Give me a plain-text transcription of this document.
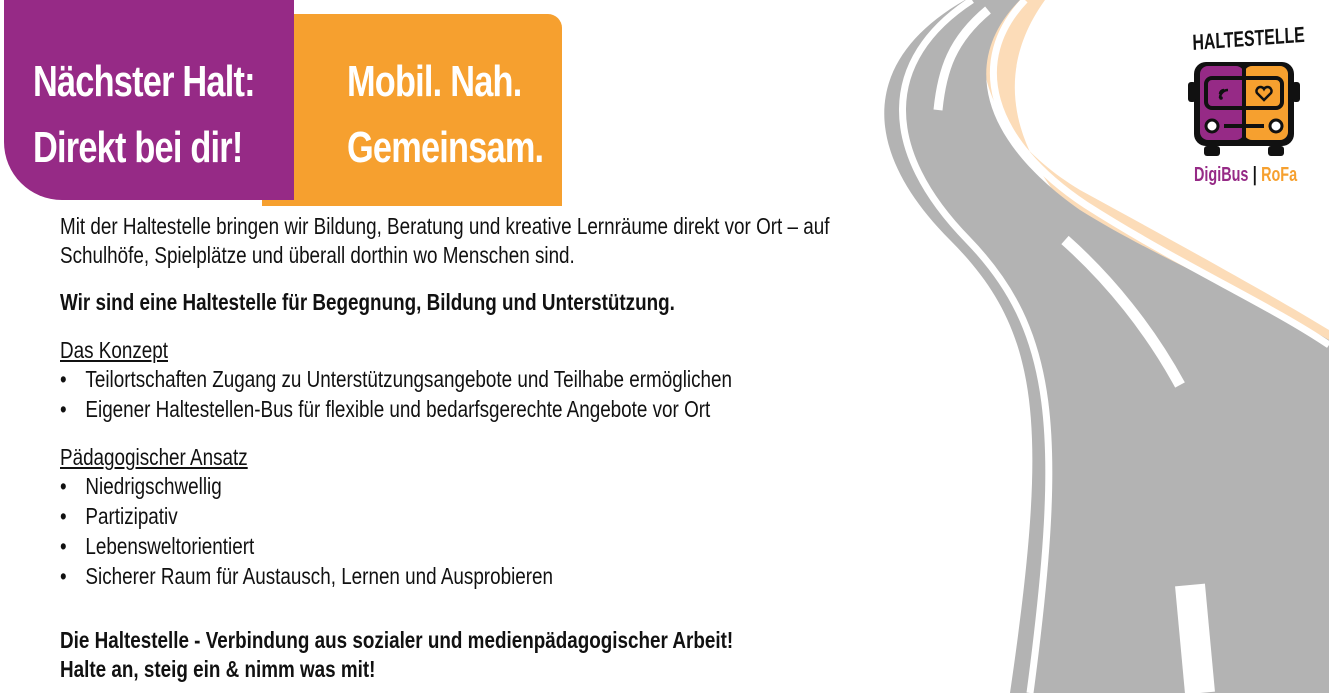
Nächster Halt:
Direkt bei dir!
Mobil. Nah.
Gemeinsam.
HALTESTELLE
DigiBus | RoFa
Mit der Haltestelle bringen wir Bildung, Beratung und kreative Lernräume direkt vor Ort – auf
Schulhöfe, Spielplätze und überall dorthin wo Menschen sind.
Wir sind eine Haltestelle für Begegnung, Bildung und Unterstützung.
Das Konzept
• Teilortschaften Zugang zu Unterstützungsangebote und Teilhabe ermöglichen
• Eigener Haltestellen-Bus für flexible und bedarfsgerechte Angebote vor Ort
Pädagogischer Ansatz
• Niedrigschwellig
• Partizipativ
• Lebensweltorientiert
• Sicherer Raum für Austausch, Lernen und Ausprobieren
Die Haltestelle - Verbindung aus sozialer und medienpädagogischer Arbeit!
Halte an, steig ein & nimm was mit!
